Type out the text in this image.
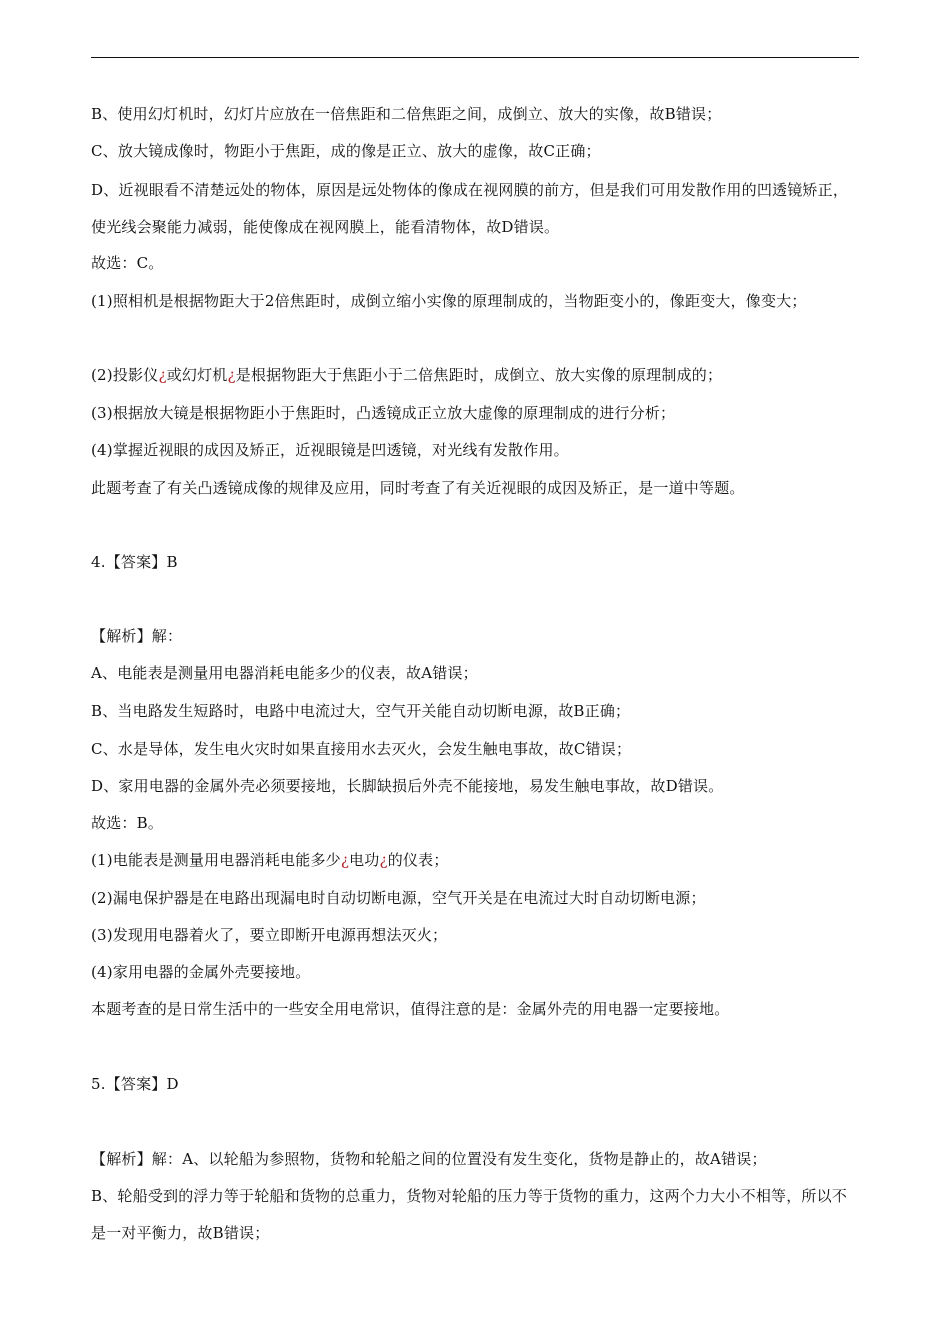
B、使用幻灯机时，幻灯片应放在一倍焦距和二倍焦距之间，成倒立、放大的实像，故B错误；
C、放大镜成像时，物距小于焦距，成的像是正立、放大的虚像，故C正确；
D、近视眼看不清楚远处的物体，原因是远处物体的像成在视网膜的前方，但是我们可用发散作用的凹透镜矫正，使光线会聚能力减弱，能使像成在视网膜上，能看清物体，故D错误。
故选：C。
(1)照相机是根据物距大于2倍焦距时，成倒立缩小实像的原理制成的，当物距变小的，像距变大，像变大；
(2)投影仪¿或幻灯机¿是根据物距大于焦距小于二倍焦距时，成倒立、放大实像的原理制成的；
(3)根据放大镜是根据物距小于焦距时，凸透镜成正立放大虚像的原理制成的进行分析；
(4)掌握近视眼的成因及矫正，近视眼镜是凹透镜，对光线有发散作用。
此题考查了有关凸透镜成像的规律及应用，同时考查了有关近视眼的成因及矫正，是一道中等题。
4.【答案】B
【解析】解：
A、电能表是测量用电器消耗电能多少的仪表，故A错误；
B、当电路发生短路时，电路中电流过大，空气开关能自动切断电源，故B正确；
C、水是导体，发生电火灾时如果直接用水去灭火，会发生触电事故，故C错误；
D、家用电器的金属外壳必须要接地，长脚缺损后外壳不能接地，易发生触电事故，故D错误。
故选：B。
(1)电能表是测量用电器消耗电能多少¿电功¿的仪表；
(2)漏电保护器是在电路出现漏电时自动切断电源，空气开关是在电流过大时自动切断电源；
(3)发现用电器着火了，要立即断开电源再想法灭火；
(4)家用电器的金属外壳要接地。
本题考查的是日常生活中的一些安全用电常识，值得注意的是：金属外壳的用电器一定要接地。
5.【答案】D
【解析】解：A、以轮船为参照物，货物和轮船之间的位置没有发生变化，货物是静止的，故A错误；
B、轮船受到的浮力等于轮船和货物的总重力，货物对轮船的压力等于货物的重力，这两个力大小不相等，所以不是一对平衡力，故B错误；
